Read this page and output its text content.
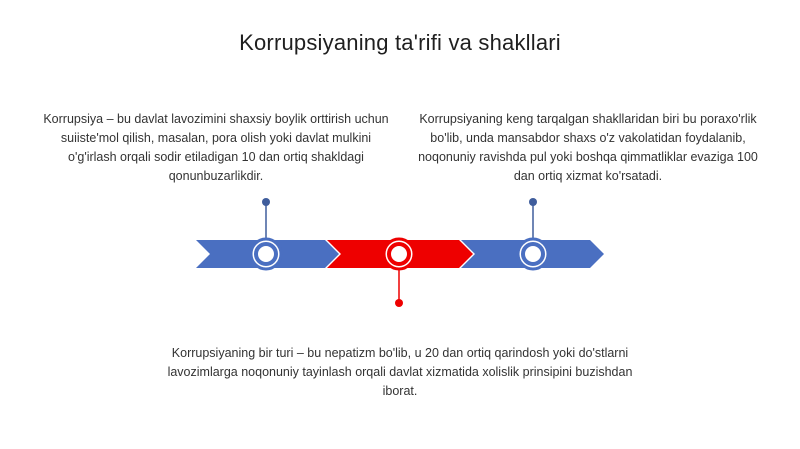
Korrupsiyaning ta'rifi va shakllari
Korrupsiya – bu davlat lavozimini shaxsiy boylik orttirish uchun suiiste'mol qilish, masalan, pora olish yoki davlat mulkini o'g'irlash orqali sodir etiladigan 10 dan ortiq shakldagi qonunbuzarlikdir.
Korrupsiyaning keng tarqalgan shakllaridan biri bu poraxo'rlik bo'lib, unda mansabdor shaxs o'z vakolatidan foydalanib, noqonuniy ravishda pul yoki boshqa qimmatliklar evaziga 100 dan ortiq xizmat ko'rsatadi.
Korrupsiyaning bir turi – bu nepatizm bo'lib, u 20 dan ortiq qarindosh yoki do'stlarni lavozimlarga noqonuniy tayinlash orqali davlat xizmatida xolislik prinsipini buzishdan iborat.
